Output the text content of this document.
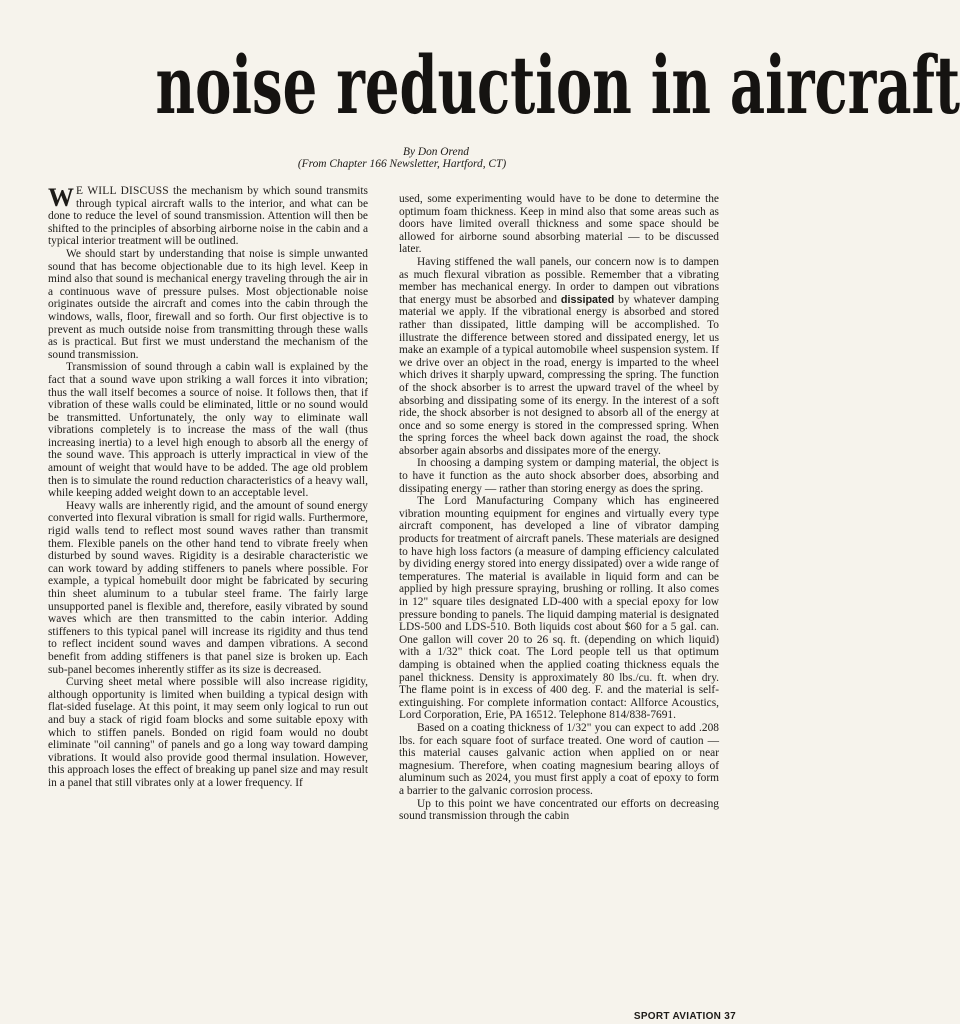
noise reduction in aircraft

By Don Orend

(From Chapter 166 Newsletter, Hartford, CT)

W E WILL DISCUSS the mechanism by which sound transmits through typical aircraft walls to the interior, and what can be done to reduce the level of sound transmission. Attention will then be shifted to the principles of absorbing airborne noise in the cabin and a typical interior treatment will be outlined.

We should start by understanding that noise is simple unwanted sound that has become objectionable due to its high level. Keep in mind also that sound is mechanical energy traveling through the air in a continuous wave of pressure pulses. Most objectionable noise originates outside the aircraft and comes into the cabin through the windows, walls, floor, firewall and so forth. Our first objective is to prevent as much outside noise from transmitting through these walls as is practical. But first we must understand the mechanism of the sound transmission.

Transmission of sound through a cabin wall is explained by the fact that a sound wave upon striking a wall forces it into vibration; thus the wall itself becomes a source of noise. It follows then, that if vibration of these walls could be eliminated, little or no sound would be transmitted. Unfortunately, the only way to eliminate wall vibrations completely is to increase the mass of the wall (thus increasing inertia) to a level high enough to absorb all the energy of the sound wave. This approach is utterly impractical in view of the amount of weight that would have to be added. The age old problem then is to simulate the round reduction characteristics of a heavy wall, while keeping added weight down to an acceptable level.

Heavy walls are inherently rigid, and the amount of sound energy converted into flexural vibration is small for rigid walls. Furthermore, rigid walls tend to reflect most sound waves rather than transmit them. Flexible panels on the other hand tend to vibrate freely when disturbed by sound waves. Rigidity is a desirable characteristic we can work toward by adding stiffeners to panels where possible. For example, a typical homebuilt door might be fabricated by securing thin sheet aluminum to a tubular steel frame. The fairly large unsupported panel is flexible and, therefore, easily vibrated by sound waves which are then transmitted to the cabin interior. Adding stiffeners to this typical panel will increase its rigidity and thus tend to reflect incident sound waves and dampen vibrations. A second benefit from adding stiffeners is that panel size is broken up. Each sub-panel becomes inherently stiffer as its size is decreased.

Curving sheet metal where possible will also increase rigidity, although opportunity is limited when building a typical design with flat-sided fuselage. At this point, it may seem only logical to run out and buy a stack of rigid foam blocks and some suitable epoxy with which to stiffen panels. Bonded on rigid foam would no doubt eliminate "oil canning" of panels and go a long way toward damping vibrations. It would also provide good thermal insulation. However, this approach loses the effect of breaking up panel size and may result in a panel that still vibrates only at a lower frequency. If

used, some experimenting would have to be done to determine the optimum foam thickness. Keep in mind also that some areas such as doors have limited overall thickness and some space should be allowed for airborne sound absorbing material — to be discussed later.

Having stiffened the wall panels, our concern now is to dampen as much flexural vibration as possible. Remember that a vibrating member has mechanical energy. In order to dampen out vibrations that energy must be absorbed and dissipated by whatever damping material we apply. If the vibrational energy is absorbed and stored rather than dissipated, little damping will be accomplished. To illustrate the difference between stored and dissipated energy, let us make an example of a typical automobile wheel suspension system. If we drive over an object in the road, energy is imparted to the wheel which drives it sharply upward, compressing the spring. The function of the shock absorber is to arrest the upward travel of the wheel by absorbing and dissipating some of its energy. In the interest of a soft ride, the shock absorber is not designed to absorb all of the energy at once and so some energy is stored in the compressed spring. When the spring forces the wheel back down against the road, the shock absorber again absorbs and dissipates more of the energy.

In choosing a damping system or damping material, the object is to have it function as the auto shock absorber does, absorbing and dissipating energy — rather than storing energy as does the spring.

The Lord Manufacturing Company which has engineered vibration mounting equipment for engines and virtually every type aircraft component, has developed a line of vibrator damping products for treatment of aircraft panels. These materials are designed to have high loss factors (a measure of damping efficiency calculated by dividing energy stored into energy dissipated) over a wide range of temperatures. The material is available in liquid form and can be applied by high pressure spraying, brushing or rolling. It also comes in 12" square tiles designated LD-400 with a special epoxy for low pressure bonding to panels. The liquid damping material is designated LDS-500 and LDS-510. Both liquids cost about $60 for a 5 gal. can. One gallon will cover 20 to 26 sq. ft. (depending on which liquid) with a 1/32" thick coat. The Lord people tell us that optimum damping is obtained when the applied coating thickness equals the panel thickness. Density is approximately 80 lbs./cu. ft. when dry. The flame point is in excess of 400 deg. F. and the material is self-extinguishing. For complete information contact: Allforce Acoustics, Lord Corporation, Erie, PA 16512. Telephone 814/838-7691.

Based on a coating thickness of 1/32" you can expect to add .208 lbs. for each square foot of surface treated. One word of caution — this material causes galvanic action when applied on or near magnesium. Therefore, when coating magnesium bearing alloys of aluminum such as 2024, you must first apply a coat of epoxy to form a barrier to the galvanic corrosion process.

Up to this point we have concentrated our efforts on decreasing sound transmission through the cabin

SPORT AVIATION 37
